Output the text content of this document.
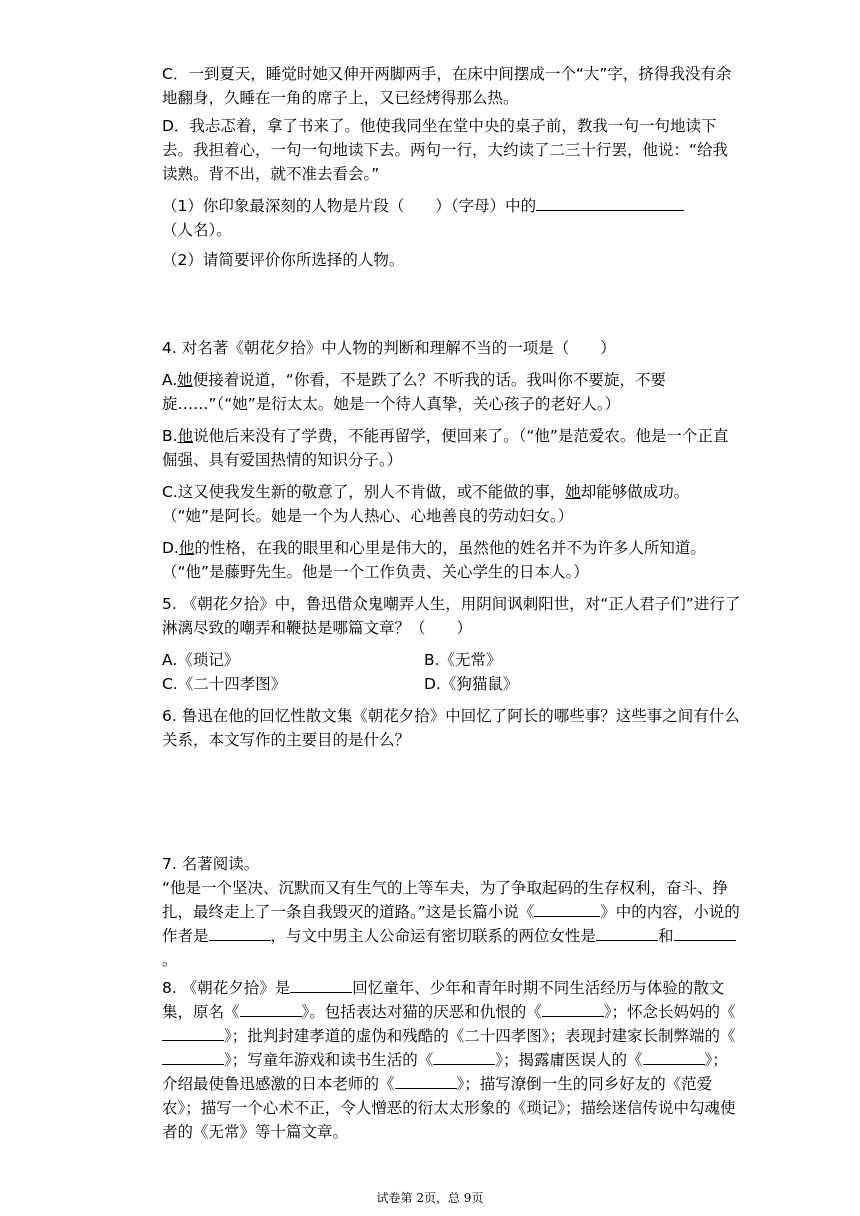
C．一到夏天，睡觉时她又伸开两脚两手，在床中间摆成一个“大”字，挤得我没有余地翻身，久睡在一角的席子上，又已经烤得那么热。
D．我忐忑着，拿了书来了。他使我同坐在堂中央的桌子前，教我一句一句地读下去。我担着心，一句一句地读下去。两句一行，大约读了二三十行罢，他说：“给我读熟。背不出，就不准去看会。”
（1）你印象最深刻的人物是片段（　　）（字母）中的
（人名）。
（2）请简要评价你所选择的人物。
4. 对名著《朝花夕拾》中人物的判断和理解不当的一项是（　　）
A.她便接着说道，“你看，不是跌了么？不听我的话。我叫你不要旋，不要旋……”（“她”是衍太太。她是一个待人真挚，关心孩子的老好人。）
B.他说他后来没有了学费，不能再留学，便回来了。（“他”是范爱农。他是一个正直倔强、具有爱国热情的知识分子。）
C.这又使我发生新的敬意了，别人不肯做，或不能做的事，她却能够做成功。（“她”是阿长。她是一个为人热心、心地善良的劳动妇女。）
D.他的性格，在我的眼里和心里是伟大的，虽然他的姓名并不为许多人所知道。（“他”是藤野先生。他是一个工作负责、关心学生的日本人。）
5. 《朝花夕拾》中，鲁迅借众鬼嘲弄人生，用阴间讽刺阳世，对“正人君子们”进行了淋漓尽致的嘲弄和鞭挞是哪篇文章？（　　）
A.《琐记》	B.《无常》
C.《二十四孝图》	D.《狗猫鼠》
6. 鲁迅在他的回忆性散文集《朝花夕拾》中回忆了阿长的哪些事？这些事之间有什么关系，本文写作的主要目的是什么？
7. 名著阅读。
“他是一个坚决、沉默而又有生气的上等车夫，为了争取起码的生存权利，奋斗、挣扎，最终走上了一条自我毁灭的道路。”这是长篇小说《	》中的内容，小说的作者是	，与文中男主人公命运有密切联系的两位女性是	和。
8. 《朝花夕拾》是	回忆童年、少年和青年时期不同生活经历与体验的散文集，原名《	》。包括表达对猫的厌恶和仇恨的《	》；怀念长妈妈的《》；批判封建孝道的虚伪和残酷的《二十四孝图》；表现封建家长制弊端的《》；写童年游戏和读书生活的《	》；揭露庸医误人的《	》；介绍最使鲁迅感激的日本老师的《	》；描写潦倒一生的同乡好友的《范爱农》；描写一个心术不正，令人憎恶的衍太太形象的《琐记》；描绘迷信传说中勾魂使者的《无常》等十篇文章。
试卷第 2页，总 9页
